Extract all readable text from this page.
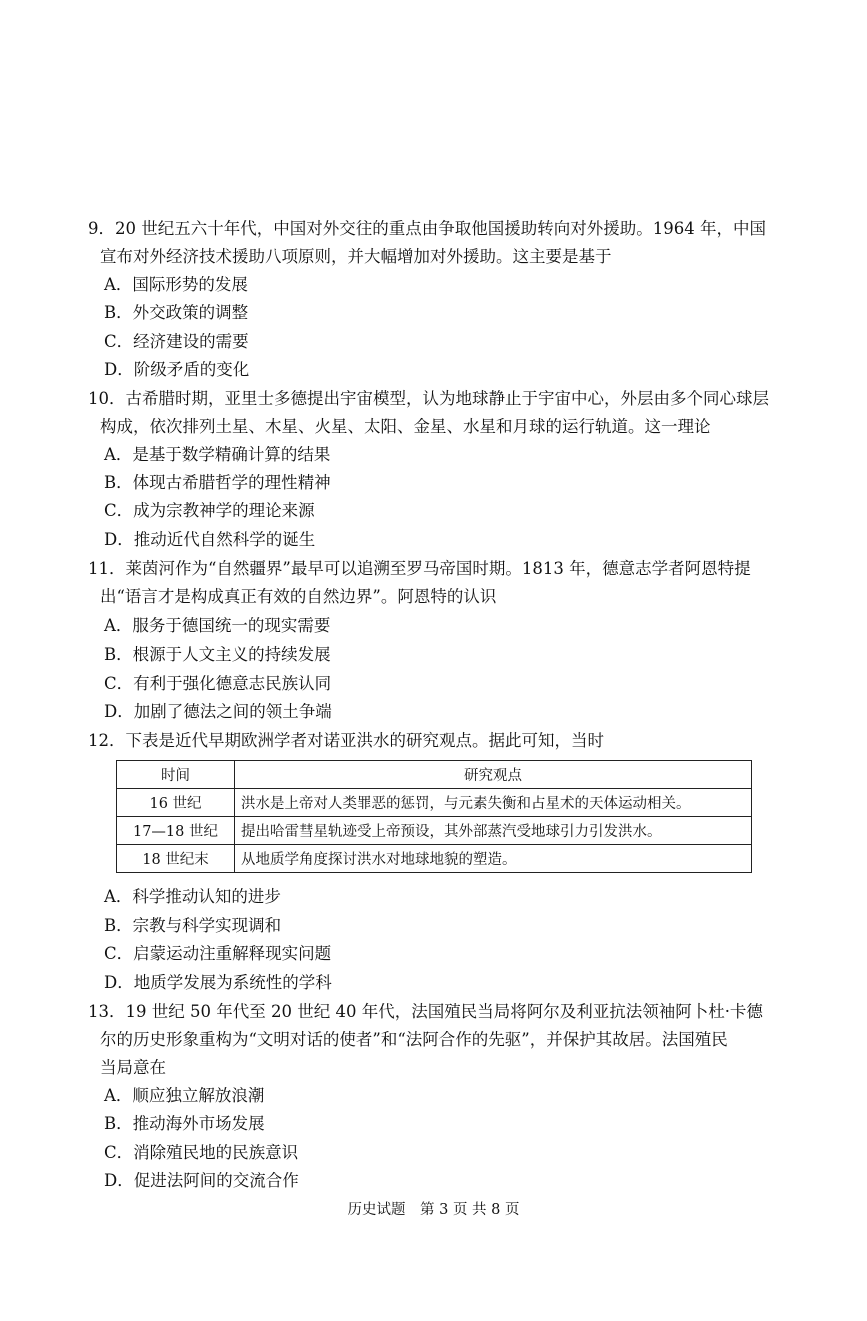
9．20 世纪五六十年代，中国对外交往的重点由争取他国援助转向对外援助。1964 年，中国
宣布对外经济技术援助八项原则，并大幅增加对外援助。这主要是基于
A．国际形势的发展
B．外交政策的调整
C．经济建设的需要
D．阶级矛盾的变化
10．古希腊时期，亚里士多德提出宇宙模型，认为地球静止于宇宙中心，外层由多个同心球层
构成，依次排列土星、木星、火星、太阳、金星、水星和月球的运行轨道。这一理论
A．是基于数学精确计算的结果
B．体现古希腊哲学的理性精神
C．成为宗教神学的理论来源
D．推动近代自然科学的诞生
11．莱茵河作为“自然疆界”最早可以追溯至罗马帝国时期。1813 年，德意志学者阿恩特提
出“语言才是构成真正有效的自然边界”。阿恩特的认识
A．服务于德国统一的现实需要
B．根源于人文主义的持续发展
C．有利于强化德意志民族认同
D．加剧了德法之间的领土争端
12．下表是近代早期欧洲学者对诺亚洪水的研究观点。据此可知，当时
时间	研究观点
16 世纪	洪水是上帝对人类罪恶的惩罚，与元素失衡和占星术的天体运动相关。
17—18 世纪	提出哈雷彗星轨迹受上帝预设，其外部蒸汽受地球引力引发洪水。
18 世纪末	从地质学角度探讨洪水对地球地貌的塑造。
A．科学推动认知的进步
B．宗教与科学实现调和
C．启蒙运动注重解释现实问题
D．地质学发展为系统性的学科
13．19 世纪 50 年代至 20 世纪 40 年代，法国殖民当局将阿尔及利亚抗法领袖阿卜杜·卡德
尔的历史形象重构为“文明对话的使者”和“法阿合作的先驱”，并保护其故居。法国殖民
当局意在
A．顺应独立解放浪潮
B．推动海外市场发展
C．消除殖民地的民族意识
D．促进法阿间的交流合作
历史试题　第 3 页 共 8 页
